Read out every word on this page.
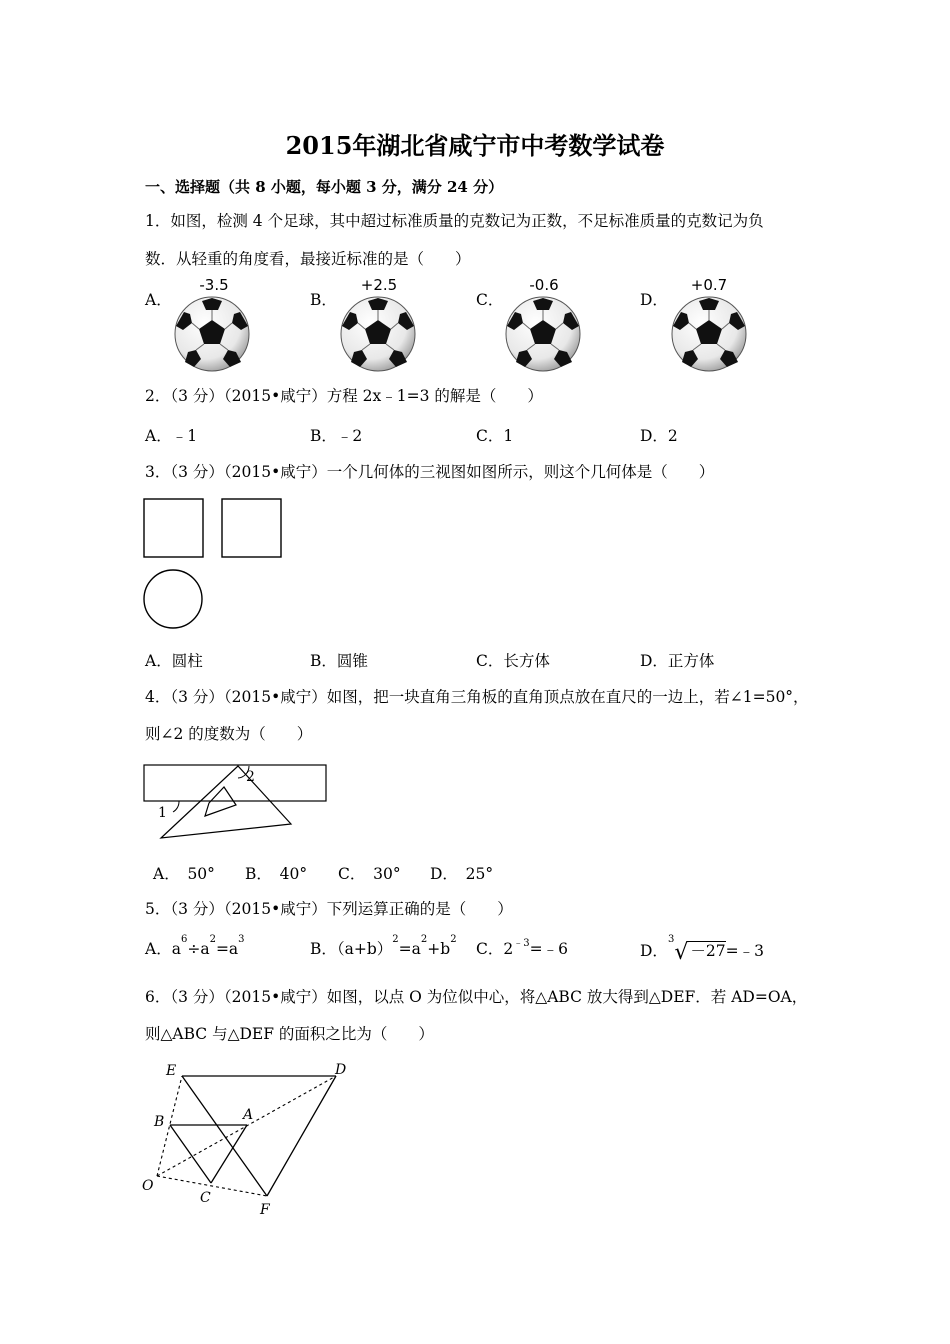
2015年湖北省咸宁市中考数学试卷
一、选择题（共 8 小题，每小题 3 分，满分 24 分）
1．如图，检测 4 个足球，其中超过标准质量的克数记为正数，不足标准质量的克数记为负
数．从轻重的角度看，最接近标准的是（　　）
A．	B．	C．	D．
-3.5	+2.5	-0.6	+0.7
2．（3 分）（2015•咸宁）方程 2x﹣1=3 的解是（　　）
A．﹣1	B．﹣2	C．1	D．2
3．（3 分）（2015•咸宁）一个几何体的三视图如图所示，则这个几何体是（　　）
A．圆柱	B．圆锥	C．长方体	D．正方体
4．（3 分）（2015•咸宁）如图，把一块直角三角板的直角顶点放在直尺的一边上，若∠1=50°，
则∠2 的度数为（　　）
1
2
A．　50° B．　40° C．　30° D．　25°
5．（3 分）（2015•咸宁）下列运算正确的是（　　）
A．$a^6\div a^2=a^3$
B．$(a+b)^2=a^2+b^2$
C．$2^{﹣3}=﹣6$	D．$^3$√ －27=﹣3
6．（3 分）（2015•咸宁）如图，以点 O 为位似中心，将△ABC 放大得到△DEF．若 AD=OA，
则△ABC 与△DEF 的面积之比为（　　）
E	D
B	A
O
C
F
